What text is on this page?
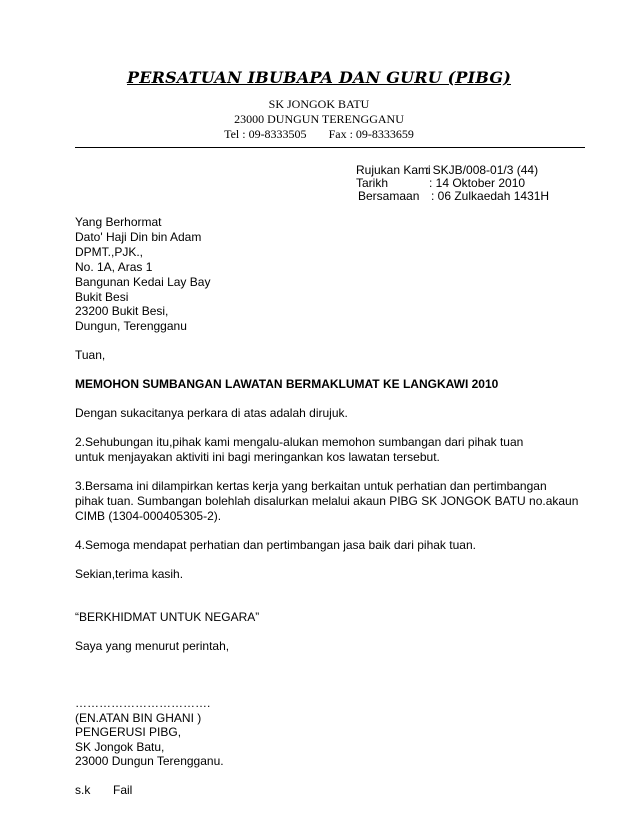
PERSATUAN IBUBAPA DAN GURU (PIBG)
SK JONGOK BATU
23000 DUNGUN TERENGGANU
Tel : 09-8333505 Fax : 09-8333659
Rujukan Kami
: SKJB/008-01/3 (44)
Tarikh	: 14 Oktober 2010
Bersamaan : 06 Zulkaedah 1431H
Yang Berhormat
Dato' Haji Din bin Adam
DPMT.,PJK.,
No. 1A, Aras 1
Bangunan Kedai Lay Bay
Bukit Besi
23200 Bukit Besi,
Dungun, Terengganu
Tuan,
MEMOHON SUMBANGAN LAWATAN BERMAKLUMAT KE LANGKAWI 2010
Dengan sukacitanya perkara di atas adalah dirujuk.
2.Sehubungan itu,pihak kami mengalu-alukan memohon sumbangan dari pihak tuan
untuk menjayakan aktiviti ini bagi meringankan kos lawatan tersebut.
3.Bersama ini dilampirkan kertas kerja yang berkaitan untuk perhatian dan pertimbangan
pihak tuan. Sumbangan bolehlah disalurkan melalui akaun PIBG SK JONGOK BATU no.akaun
CIMB (1304-000405305-2).
4.Semoga mendapat perhatian dan pertimbangan jasa baik dari pihak tuan.
Sekian,terima kasih.
“BERKHIDMAT UNTUK NEGARA”
Saya yang menurut perintah,
…………………………….
(EN.ATAN BIN GHANI )
PENGERUSI PIBG,
SK Jongok Batu,
23000 Dungun Terengganu.
s.k Fail
